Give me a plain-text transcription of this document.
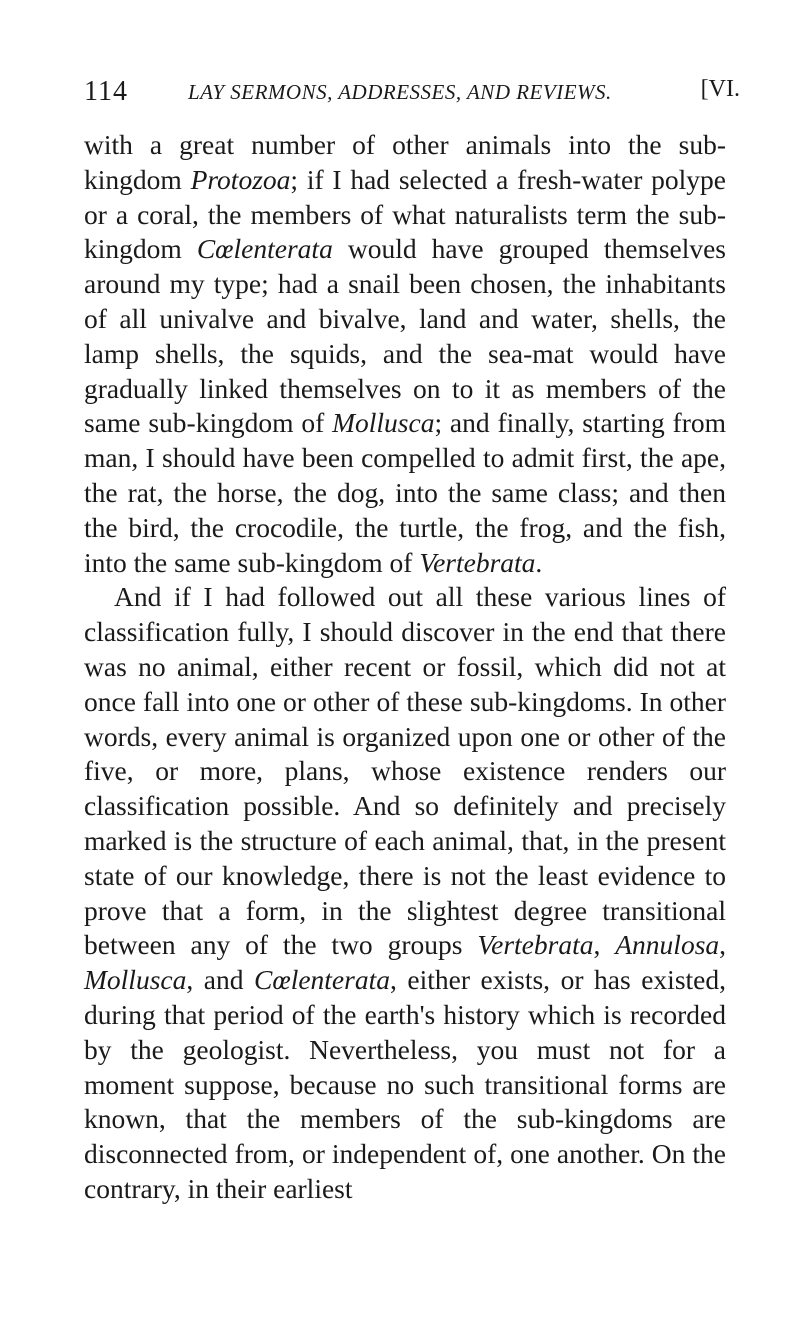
114	LAY SERMONS, ADDRESSES, AND REVIEWS.	[VI.

with a great number of other animals into the sub-kingdom Protozoa; if I had selected a fresh-water polype or a coral, the members of what naturalists term the sub-kingdom Cœlenterata would have grouped themselves around my type; had a snail been chosen, the inhabitants of all univalve and bivalve, land and water, shells, the lamp shells, the squids, and the sea-mat would have gradually linked themselves on to it as members of the same sub-kingdom of Mollusca; and finally, starting from man, I should have been compelled to admit first, the ape, the rat, the horse, the dog, into the same class; and then the bird, the crocodile, the turtle, the frog, and the fish, into the same sub-kingdom of Vertebrata.

And if I had followed out all these various lines of classification fully, I should discover in the end that there was no animal, either recent or fossil, which did not at once fall into one or other of these sub-kingdoms. In other words, every animal is organized upon one or other of the five, or more, plans, whose existence renders our classification possible. And so definitely and precisely marked is the structure of each animal, that, in the present state of our knowledge, there is not the least evidence to prove that a form, in the slightest degree transitional between any of the two groups Vertebrata, Annulosa, Mollusca, and Cœlenterata, either exists, or has existed, during that period of the earth's history which is recorded by the geologist. Nevertheless, you must not for a moment suppose, because no such transitional forms are known, that the members of the sub-kingdoms are disconnected from, or independent of, one another. On the contrary, in their earliest
